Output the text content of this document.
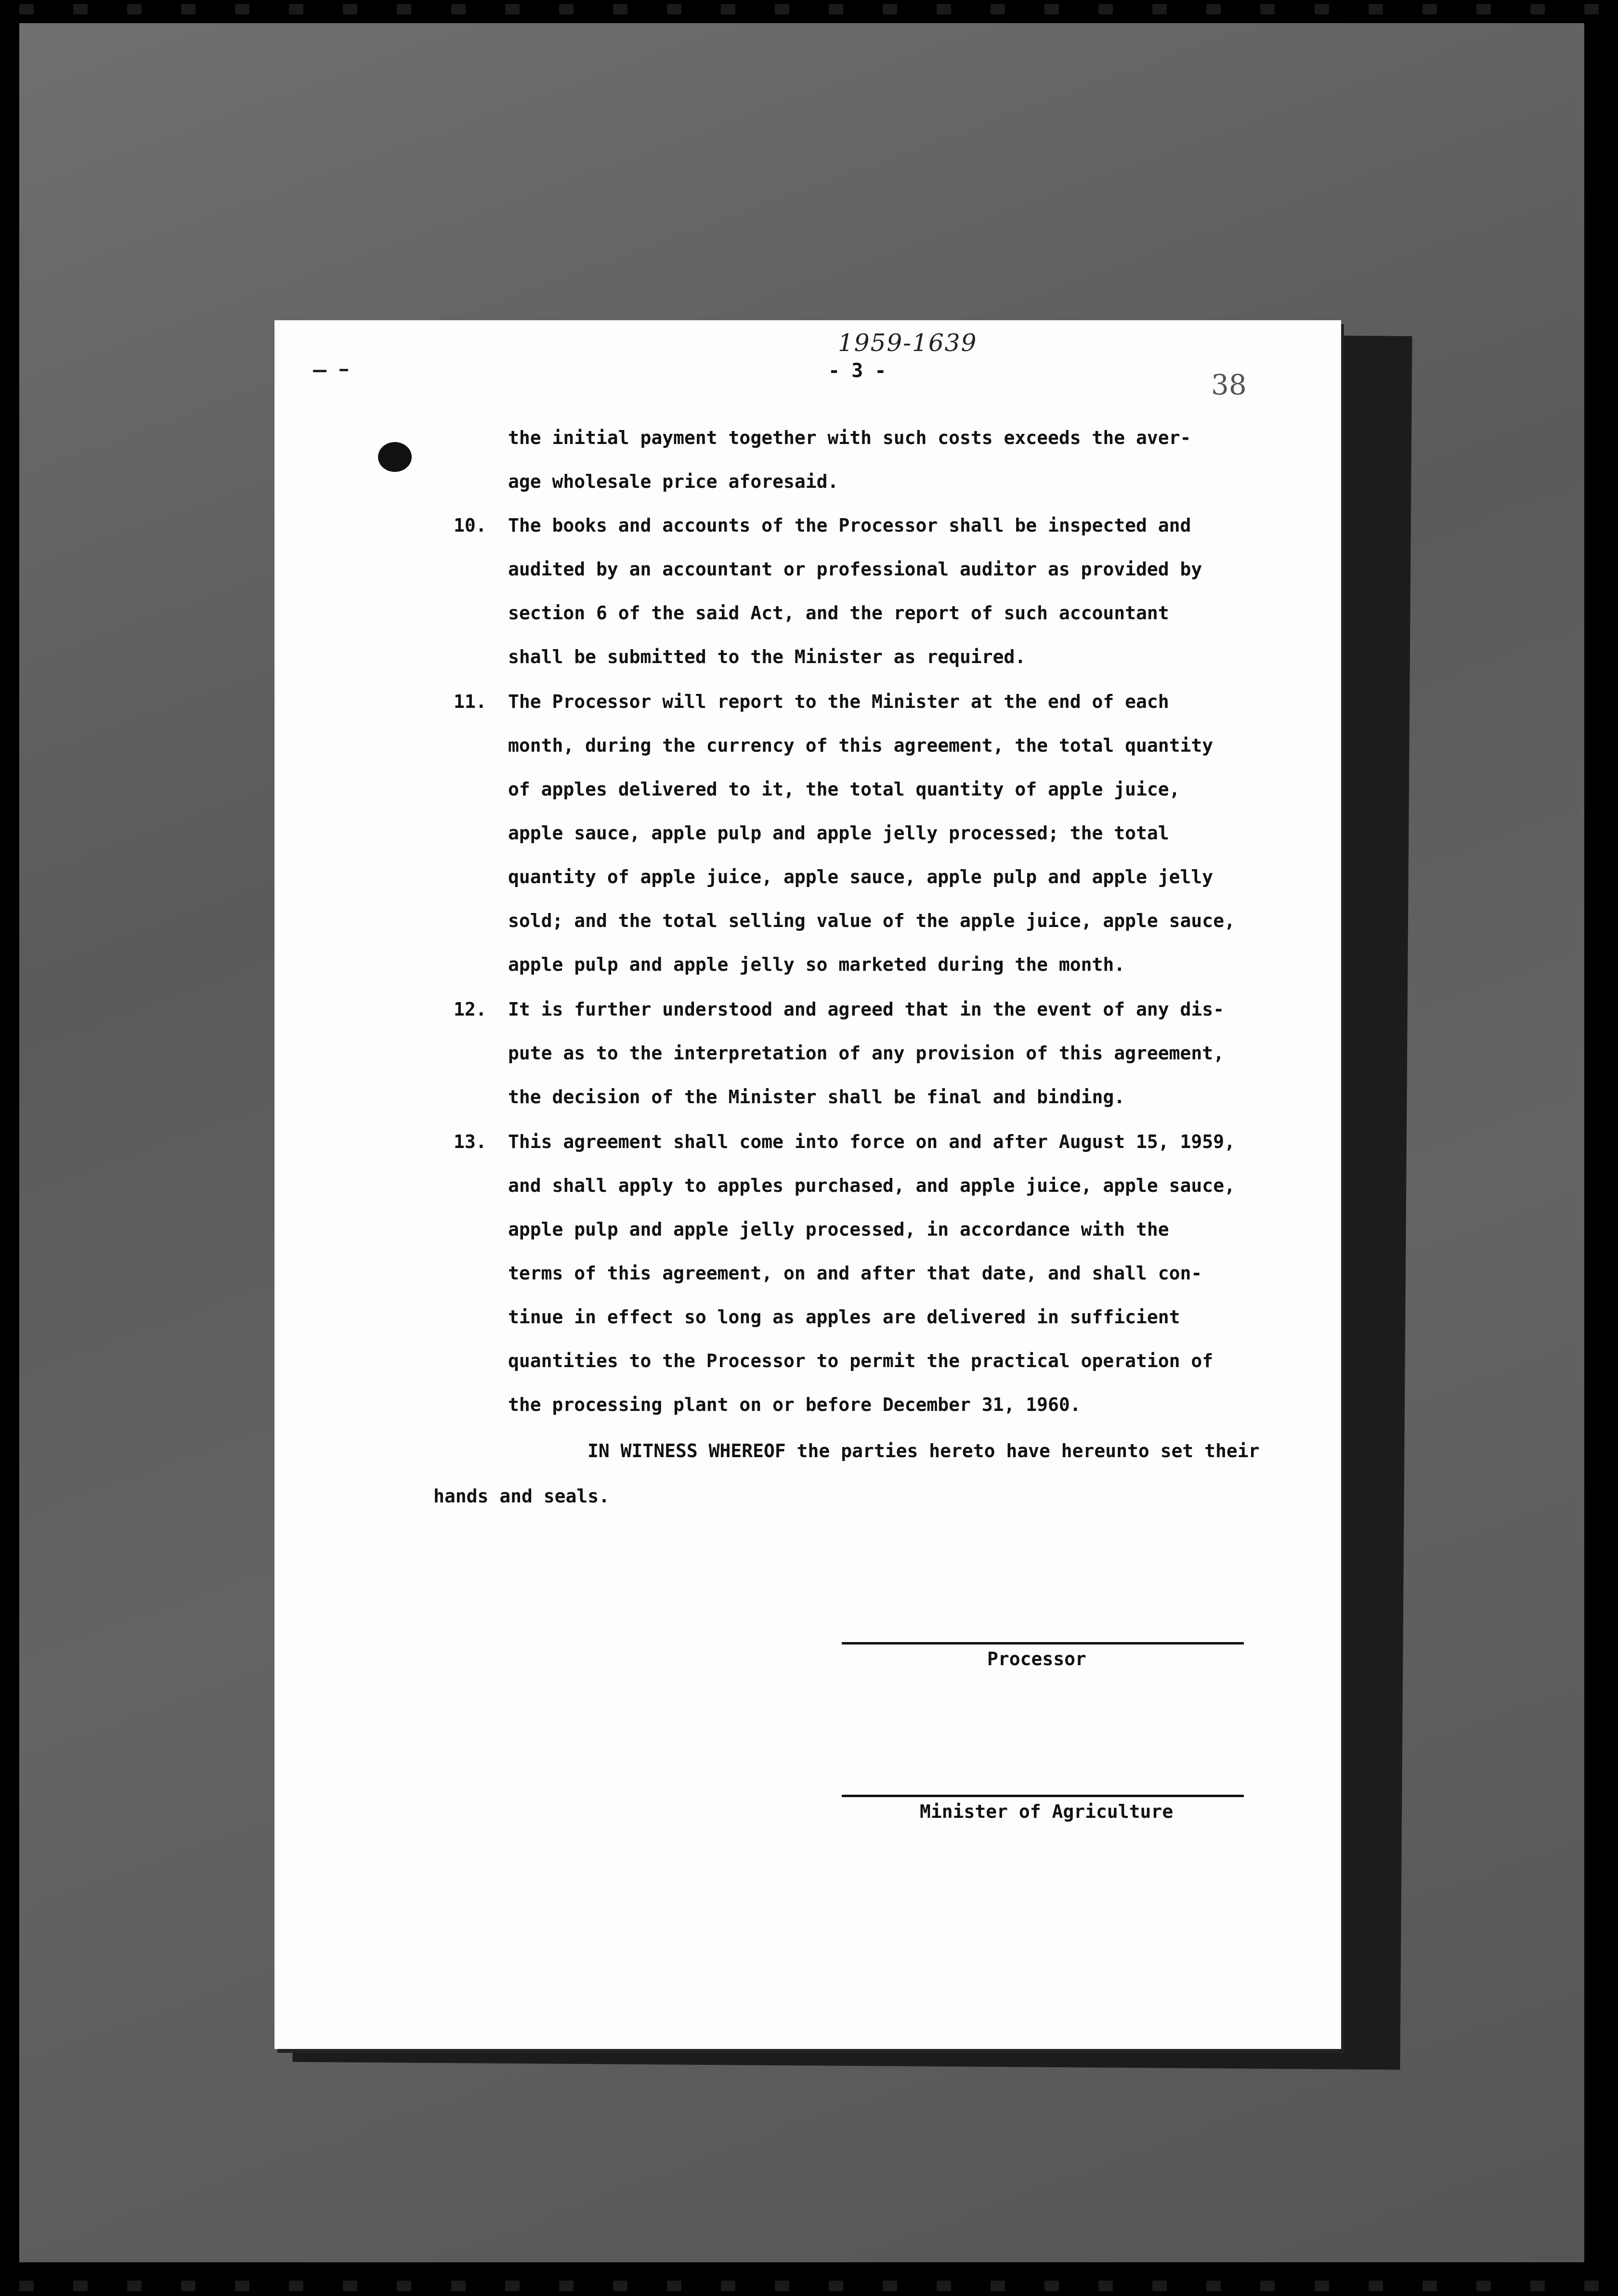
1959-1639
- 3 -	38
the initial payment together with such costs exceeds the aver-
age wholesale price aforesaid.
10. The books and accounts of the Processor shall be inspected and
audited by an accountant or professional auditor as provided by
section 6 of the said Act, and the report of such accountant
shall be submitted to the Minister as required.
11. The Processor will report to the Minister at the end of each
month, during the currency of this agreement, the total quantity
of apples delivered to it, the total quantity of apple juice,
apple sauce, apple pulp and apple jelly processed; the total
quantity of apple juice, apple sauce, apple pulp and apple jelly
sold; and the total selling value of the apple juice, apple sauce,
apple pulp and apple jelly so marketed during the month.
12. It is further understood and agreed that in the event of any dis-
pute as to the interpretation of any provision of this agreement,
the decision of the Minister shall be final and binding.
13. This agreement shall come into force on and after August 15, 1959,
and shall apply to apples purchased, and apple juice, apple sauce,
apple pulp and apple jelly processed, in accordance with the
terms of this agreement, on and after that date, and shall con-
tinue in effect so long as apples are delivered in sufficient
quantities to the Processor to permit the practical operation of
the processing plant on or before December 31, 1960.
IN WITNESS WHEREOF the parties hereto have hereunto set their
hands and seals.
Processor
Minister of Agriculture
